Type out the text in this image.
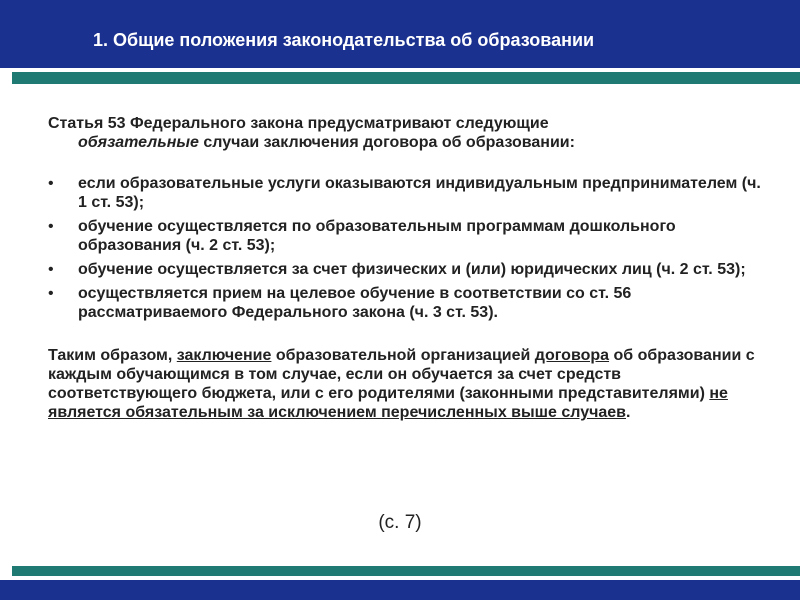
1. Общие положения законодательства об образовании

Статья 53 Федерального закона предусматривают следующие
обязательные случаи заключения договора об образовании:

• если образовательные услуги оказываются индивидуальным предпринимателем (ч. 1 ст. 53);
• обучение осуществляется по образовательным программам дошкольного образования (ч. 2 ст. 53);
• обучение осуществляется за счет физических и (или) юридических лиц (ч. 2 ст. 53);
• осуществляется прием на целевое обучение в соответствии со ст. 56 рассматриваемого Федерального закона (ч. 3 ст. 53).

Таким образом, заключение образовательной организацией договора об образовании с каждым обучающимся в том случае, если он обучается за счет средств соответствующего бюджета, или с его родителями (законными представителями) не является обязательным за исключением перечисленных выше случаев.

(с. 7)
